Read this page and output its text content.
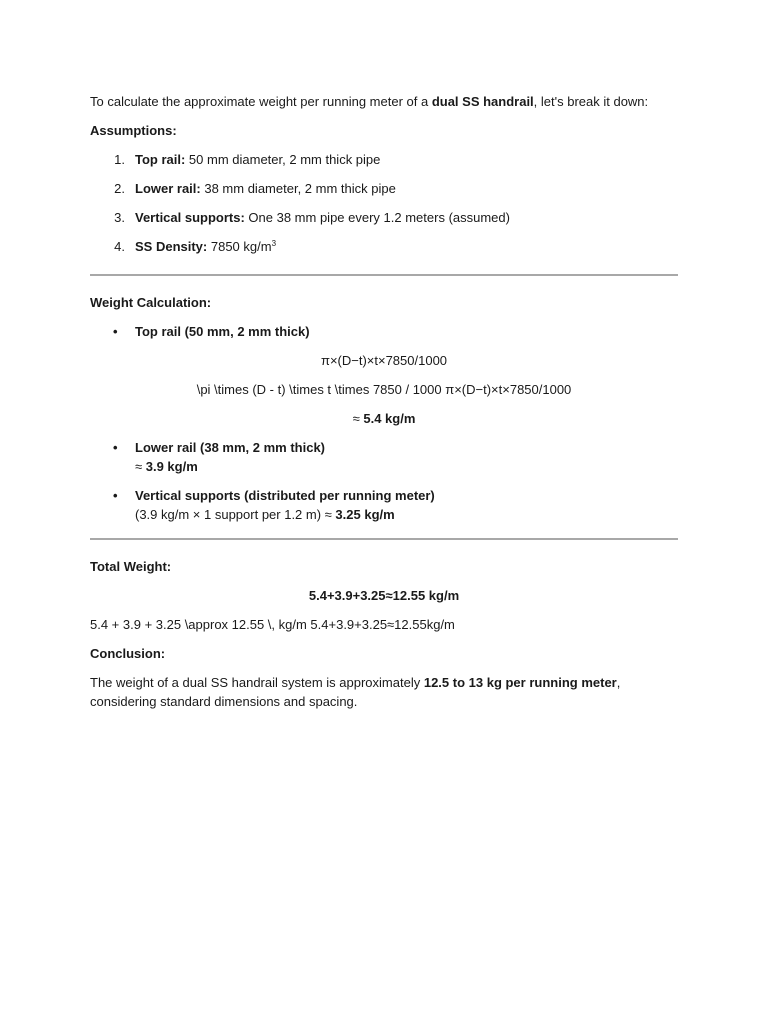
To calculate the approximate weight per running meter of a dual SS handrail, let's break it down:

Assumptions:

1. Top rail: 50 mm diameter, 2 mm thick pipe
2. Lower rail: 38 mm diameter, 2 mm thick pipe
3. Vertical supports: One 38 mm pipe every 1.2 meters (assumed)
4. SS Density: 7850 $kg/m^3$

Weight Calculation:

•	Top rail (50 mm, 2 mm thick)

π×(D−t)×t×7850/1000

\pi \times (D - t) \times t \times 7850 / 1000 π×(D−t)×t×7850/1000

≈ 5.4 kg/m

•	Lower rail (38 mm, 2 mm thick)
≈ 3.9 kg/m
•	Vertical supports (distributed per running meter)
(3.9 kg/m × 1 support per 1.2 m) ≈ 3.25 kg/m

Total Weight:

5.4+3.9+3.25≈12.55 kg/m

5.4 + 3.9 + 3.25 \approx 12.55 \, kg/m 5.4+3.9+3.25≈12.55kg/m

Conclusion:

The weight of a dual SS handrail system is approximately 12.5 to 13 kg per running meter, considering standard dimensions and spacing.
